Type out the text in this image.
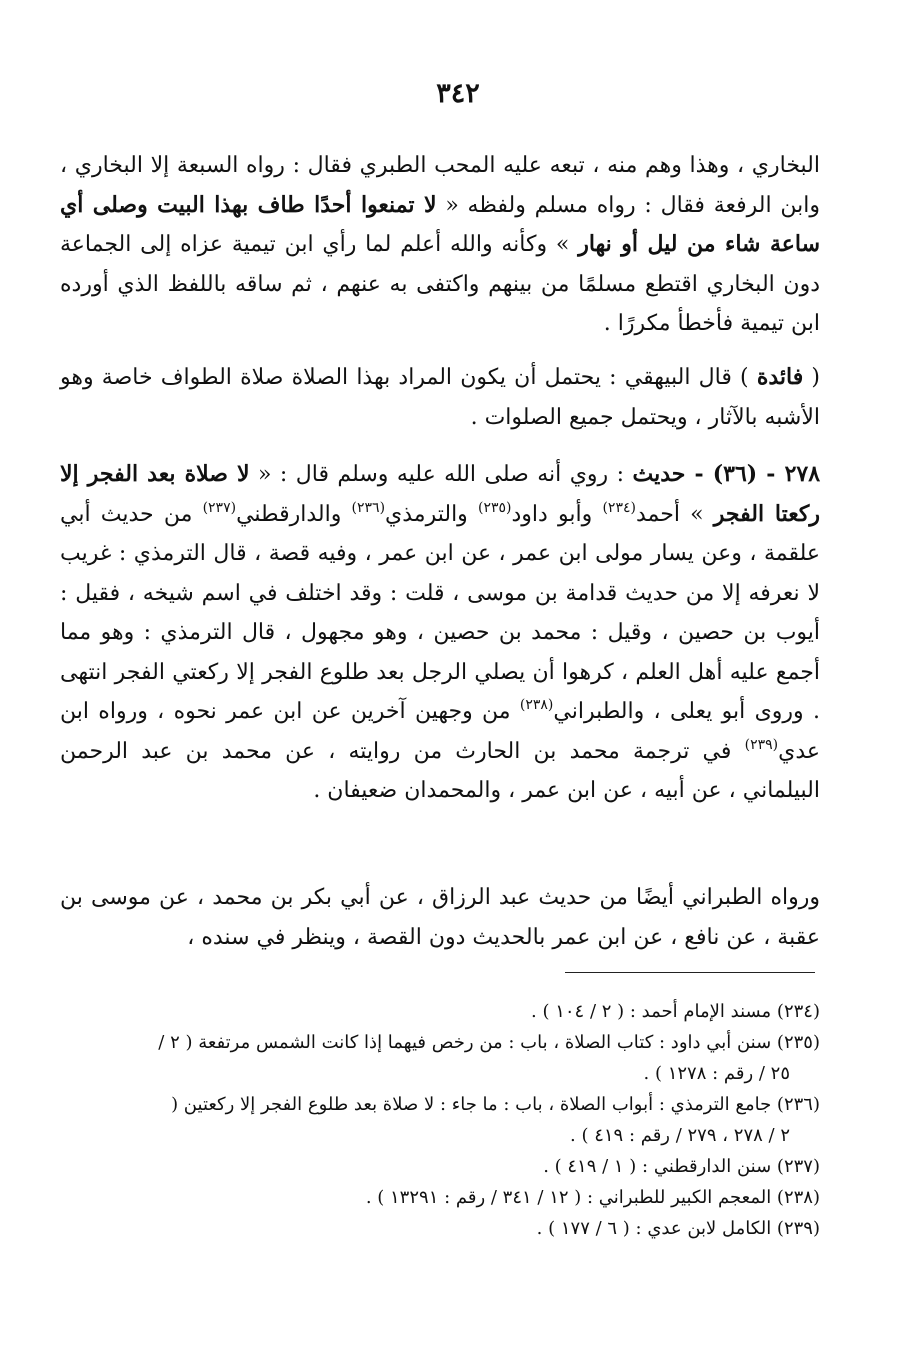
٣٤٢
البخاري ، وهذا وهم منه ، تبعه عليه المحب الطبري فقال : رواه السبعة إلا البخاري ، وابن الرفعة فقال : رواه مسلم ولفظه « لا تمنعوا أحدًا طاف بهذا البيت وصلى أي ساعة شاء من ليل أو نهار » وكأنه والله أعلم لما رأي ابن تيمية عزاه إلى الجماعة دون البخاري اقتطع مسلمًا من بينهم واكتفى به عنهم ، ثم ساقه باللفظ الذي أورده ابن تيمية فأخطأ مكررًا .
( فائدة ) قال البيهقي : يحتمل أن يكون المراد بهذا الصلاة صلاة الطواف خاصة وهو الأشبه بالآثار ، ويحتمل جميع الصلوات .
٢٧٨ - (٣٦) - حديث : روي أنه صلى الله عليه وسلم قال : « لا صلاة بعد الفجر إلا ركعتا الفجر » أحمد$^{(٢٣٤)}$ وأبو داود$^{(٢٣٥)}$ والترمذي$^{(٢٣٦)}$ والدارقطني$^{(٢٣٧)}$ من حديث أبي علقمة ، وعن يسار مولى ابن عمر ، عن ابن عمر ، وفيه قصة ، قال الترمذي : غريب لا نعرفه إلا من حديث قدامة بن موسى ، قلت : وقد اختلف في اسم شيخه ، فقيل : أيوب بن حصين ، وقيل : محمد بن حصين ، وهو مجهول ، قال الترمذي : وهو مما أجمع عليه أهل العلم ، كرهوا أن يصلي الرجل بعد طلوع الفجر إلا ركعتي الفجر انتهى . وروى أبو يعلى ، والطبراني$^{(٢٣٨)}$ من وجهين آخرين عن ابن عمر نحوه ، ورواه ابن عدي$^{(٢٣٩)}$ في ترجمة محمد بن الحارث من روايته ، عن محمد بن عبد الرحمن البيلماني ، عن أبيه ، عن ابن عمر ، والمحمدان ضعيفان .
ورواه الطبراني أيضًا من حديث عبد الرزاق ، عن أبي بكر بن محمد ، عن موسى بن عقبة ، عن نافع ، عن ابن عمر بالحديث دون القصة ، وينظر في سنده ،
(٢٣٤) مسند الإمام أحمد : ( ٢ / ١٠٤ ) .
(٢٣٥) سنن أبي داود : كتاب الصلاة ، باب : من رخص فيهما إذا كانت الشمس مرتفعة ( ٢ /
٢٥ / رقم : ١٢٧٨ ) .
(٢٣٦) جامع الترمذي : أبواب الصلاة ، باب : ما جاء : لا صلاة بعد طلوع الفجر إلا ركعتين (
٢ / ٢٧٨ ، ٢٧٩ / رقم : ٤١٩ ) .
(٢٣٧) سنن الدارقطني : ( ١ / ٤١٩ ) .
(٢٣٨) المعجم الكبير للطبراني : ( ١٢ / ٣٤١ / رقم : ١٣٢٩١ ) .
(٢٣٩) الكامل لابن عدي : ( ٦ / ١٧٧ ) .
